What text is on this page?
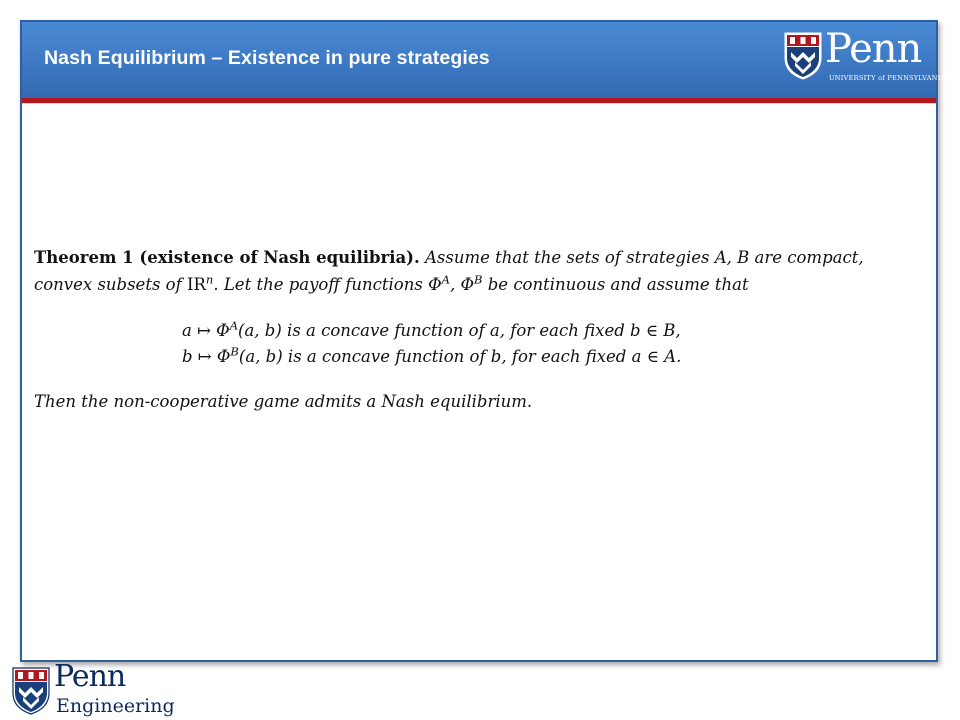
Nash Equilibrium – Existence in pure strategies	Penn
UNIVERSITY of PENNSYLVANIA
Theorem 1 (existence of Nash equilibria). Assume that the sets of strategies A, B are compact, convex subsets of $IR^n$. Let the payoff functions $\Phi^A$, $\Phi^B$ be continuous and assume that
a ↦ $\Phi^A(a$, b) is a concave function of a, for each fixed b ∈ B,
b ↦ $\Phi^B(a$, b) is a concave function of b, for each fixed a ∈ A.
Then the non-cooperative game admits a Nash equilibrium.
Penn
Engineering
